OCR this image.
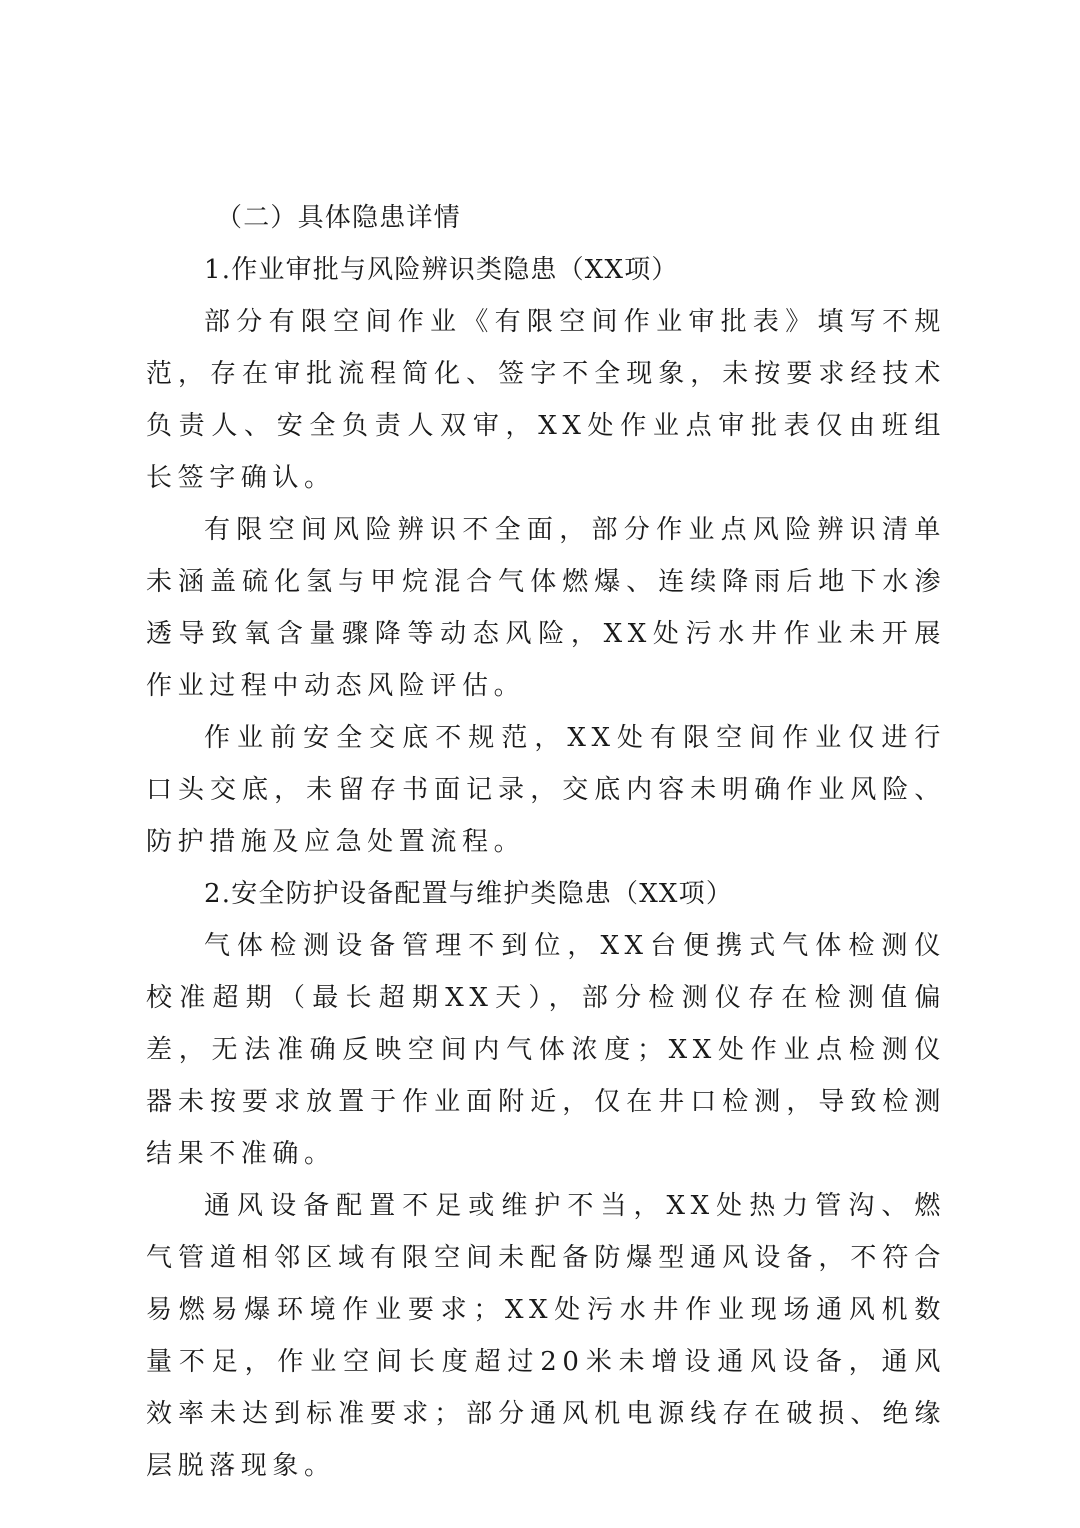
（二）具体隐患详情

1.作业审批与风险辨识类隐患（XX项）

部分有限空间作业《有限空间作业审批表》填写不规范，存在审批流程简化、签字不全现象，未按要求经技术负责人、安全负责人双审，XX处作业点审批表仅由班组长签字确认。

有限空间风险辨识不全面，部分作业点风险辨识清单未涵盖硫化氢与甲烷混合气体燃爆、连续降雨后地下水渗透导致氧含量骤降等动态风险，XX处污水井作业未开展作业过程中动态风险评估。

作业前安全交底不规范，XX处有限空间作业仅进行口头交底，未留存书面记录，交底内容未明确作业风险、防护措施及应急处置流程。

2.安全防护设备配置与维护类隐患（XX项）

气体检测设备管理不到位，XX台便携式气体检测仪校准超期（最长超期XX天），部分检测仪存在检测值偏差，无法准确反映空间内气体浓度；XX处作业点检测仪器未按要求放置于作业面附近，仅在井口检测，导致检测结果不准确。

通风设备配置不足或维护不当，XX处热力管沟、燃气管道相邻区域有限空间未配备防爆型通风设备，不符合易燃易爆环境作业要求；XX处污水井作业现场通风机数量不足，作业空间长度超过20米未增设通风设备，通风效率未达到标准要求；部分通风机电源线存在破损、绝缘层脱落现象。
